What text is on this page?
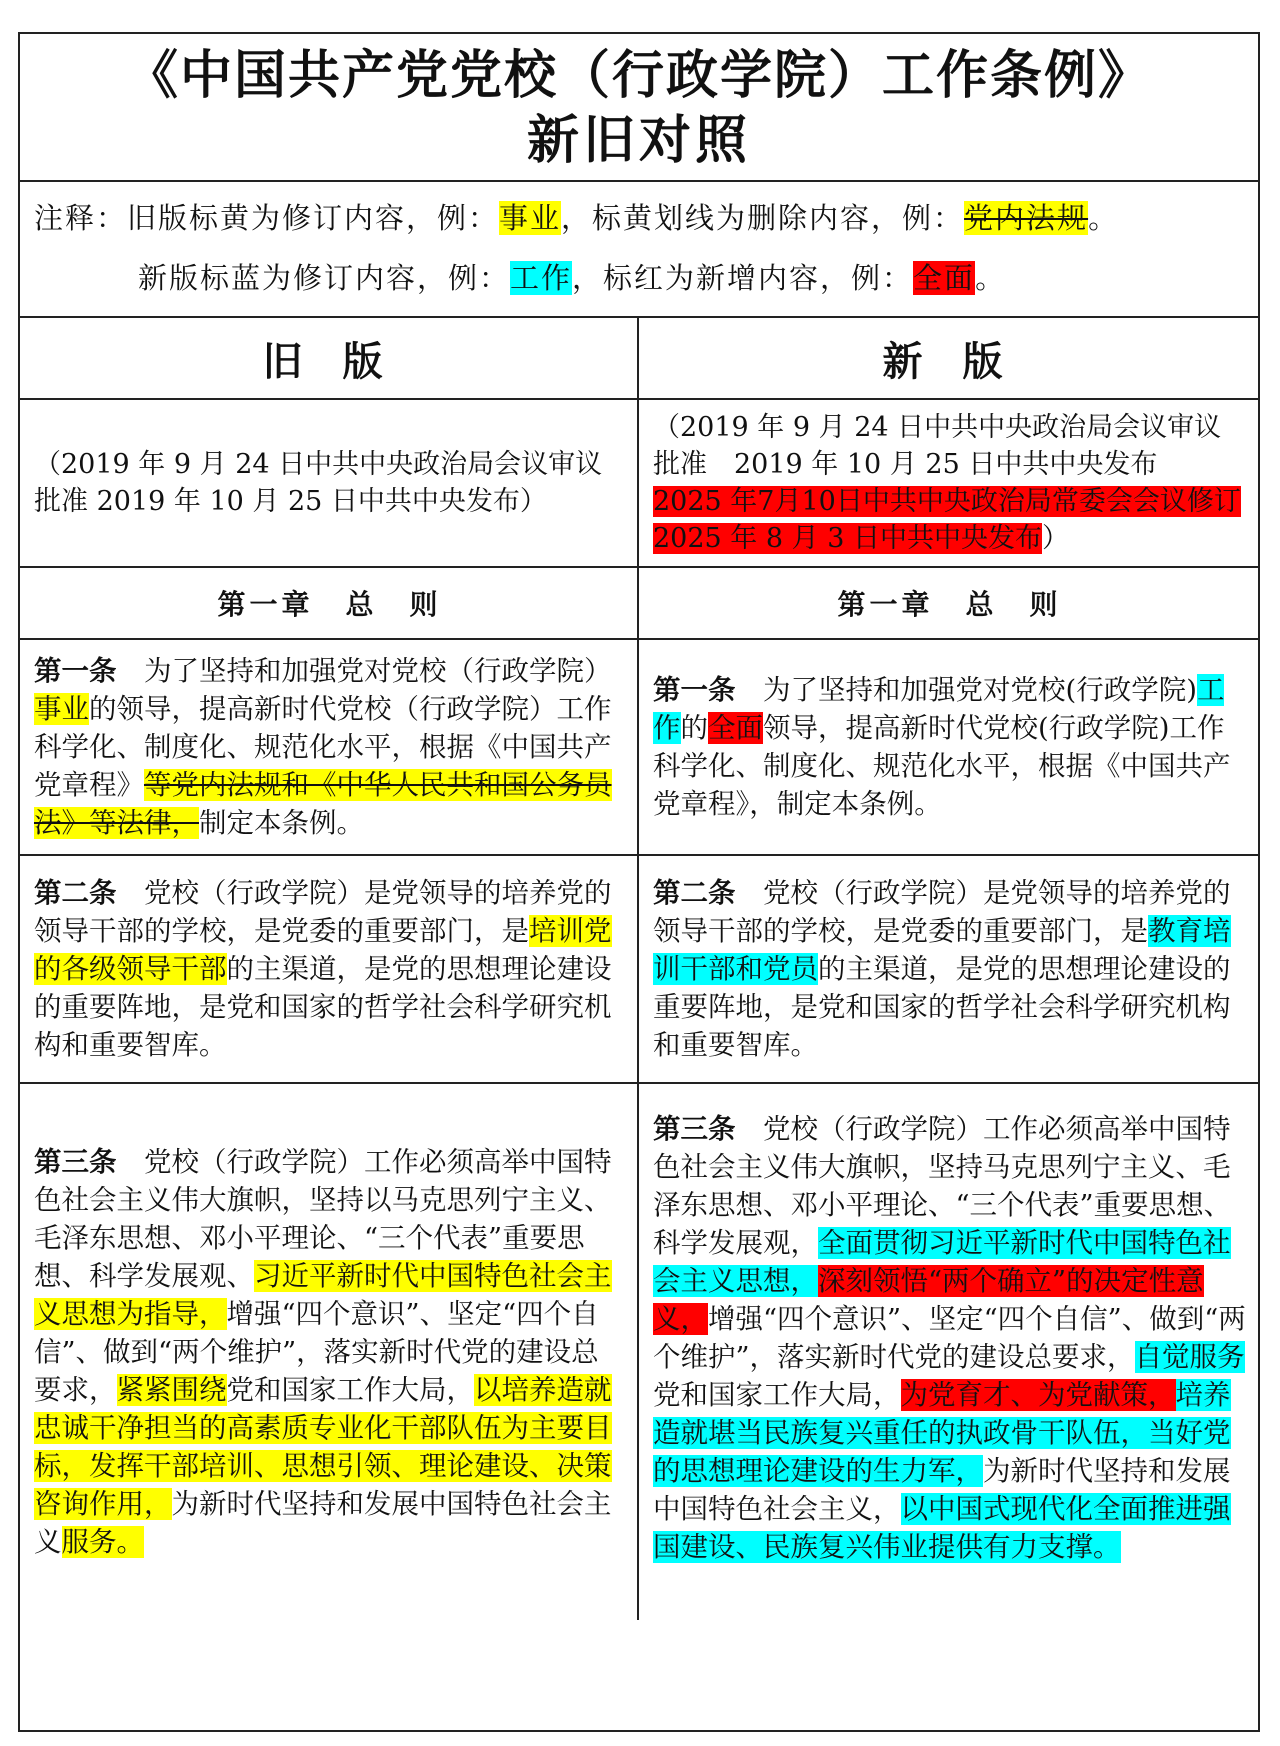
《中国共产党党校（行政学院）工作条例》
新旧对照
注释：旧版标黄为修订内容，例：事业，标黄划线为删除内容，例：党内法规。
新版标蓝为修订内容，例：工作，标红为新增内容，例：全面。
旧版	新版
（2019 年 9 月 24 日中共中央政治局会议审议批准 2019 年 10 月 25 日中共中央发布）
（2019 年 9 月 24 日中共中央政治局会议审议批准　2019 年 10 月 25 日中共中央发布　2025 年7月10日中共中央政治局常委会会议修订 2025 年 8 月 3 日中共中央发布）
第一章　总　则	第一章　总　则
第一条　为了坚持和加强党对党校（行政学院）事业的领导，提高新时代党校（行政学院）工作科学化、制度化、规范化水平，根据《中国共产党章程》等党内法规和《中华人民共和国公务员法》等法律，制定本条例。
第一条　为了坚持和加强党对党校(行政学院)工作的全面领导，提高新时代党校(行政学院)工作科学化、制度化、规范化水平，根据《中国共产党章程》，制定本条例。
第二条　党校（行政学院）是党领导的培养党的领导干部的学校，是党委的重要部门，是培训党的各级领导干部的主渠道，是党的思想理论建设的重要阵地，是党和国家的哲学社会科学研究机构和重要智库。
第二条　党校（行政学院）是党领导的培养党的领导干部的学校，是党委的重要部门，是教育培训干部和党员的主渠道，是党的思想理论建设的重要阵地，是党和国家的哲学社会科学研究机构和重要智库。
第三条　党校（行政学院）工作必须高举中国特色社会主义伟大旗帜，坚持以马克思列宁主义、毛泽东思想、邓小平理论、“三个代表”重要思想、科学发展观、习近平新时代中国特色社会主义思想为指导，增强“四个意识”、坚定“四个自信”、做到“两个维护”，落实新时代党的建设总要求，紧紧围绕党和国家工作大局，以培养造就忠诚干净担当的高素质专业化干部队伍为主要目标，发挥干部培训、思想引领、理论建设、决策咨询作用，为新时代坚持和发展中国特色社会主义服务。
第三条　党校（行政学院）工作必须高举中国特色社会主义伟大旗帜，坚持马克思列宁主义、毛泽东思想、邓小平理论、“三个代表”重要思想、科学发展观，全面贯彻习近平新时代中国特色社会主义思想，深刻领悟“两个确立”的决定性意义，增强“四个意识”、坚定“四个自信”、做到“两个维护”，落实新时代党的建设总要求，自觉服务党和国家工作大局，为党育才、为党献策，培养造就堪当民族复兴重任的执政骨干队伍，当好党的思想理论建设的生力军，为新时代坚持和发展中国特色社会主义，以中国式现代化全面推进强国建设、民族复兴伟业提供有力支撑。
